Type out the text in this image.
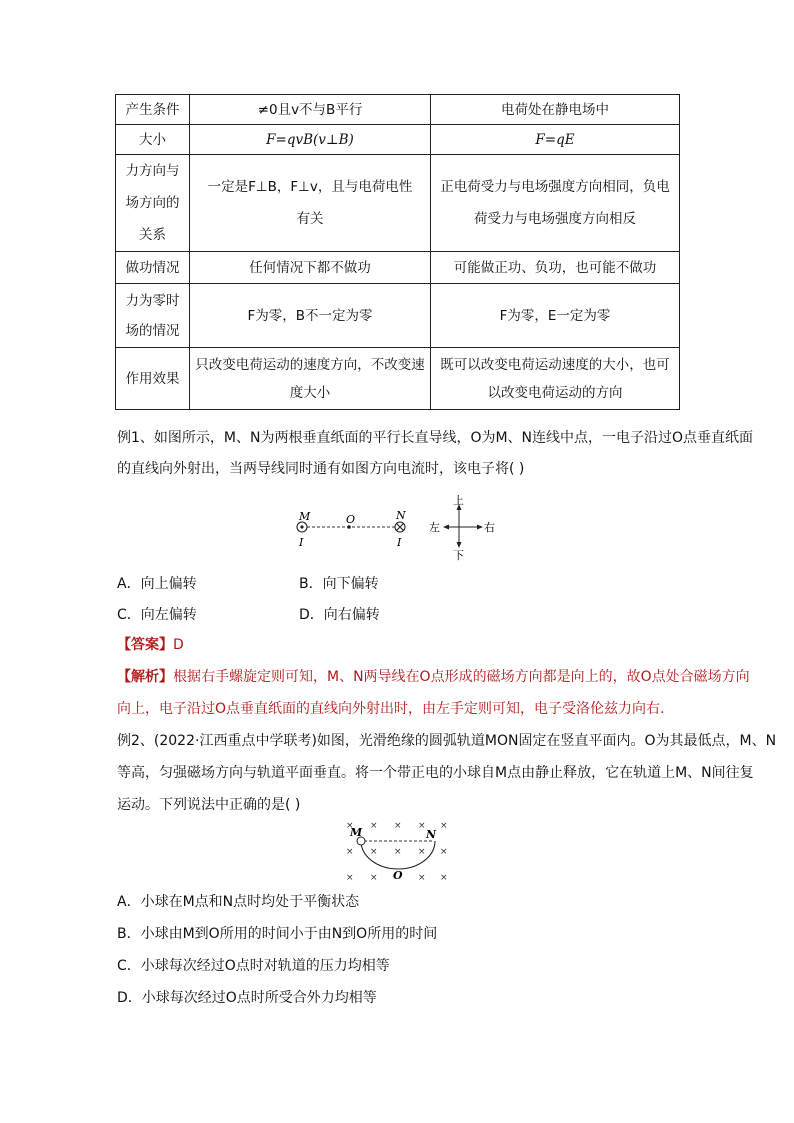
产生条件	≠0且v不与B平行	电荷处在静电场中
大小	F=qvB(v⊥B)	F=qE
力方向与场方向的关系	一定是F⊥B，F⊥v，且与电荷电性有关	正电荷受力与电场强度方向相同，负电荷受力与电场强度方向相反
做功情况	任何情况下都不做功	可能做正功、负功，也可能不做功
力为零时场的情况	F为零，B不一定为零	F为零，E一定为零
作用效果	只改变电荷运动的速度方向，不改变速度大小	既可以改变电荷运动速度的大小，也可以改变电荷运动的方向
例1、如图所示，M、N为两根垂直纸面的平行长直导线，O为M、N连线中点，一电子沿过O点垂直纸面
的直线向外射出，当两导线同时通有如图方向电流时，该电子将( )
M	O	N
I	I
上
下
左	右
A．向上偏转	B．向下偏转
C．向左偏转	D．向右偏转
【答案】D
【解析】根据右手螺旋定则可知，M、N两导线在O点形成的磁场方向都是向上的，故O点处合磁场方向
向上，电子沿过O点垂直纸面的直线向外射出时，由左手定则可知，电子受洛伦兹力向右.
例2、(2022·江西重点中学联考)如图，光滑绝缘的圆弧轨道MON固定在竖直平面内。O为其最低点，M、N
等高，匀强磁场方向与轨道平面垂直。将一个带正电的小球自M点由静止释放，它在轨道上M、N间往复
运动。下列说法中正确的是( )
× × × × ×
× × × × ×
× ×	× ×
M	N
O
A．小球在M点和N点时均处于平衡状态
B．小球由M到O所用的时间小于由N到O所用的时间
C．小球每次经过O点时对轨道的压力均相等
D．小球每次经过O点时所受合外力均相等
